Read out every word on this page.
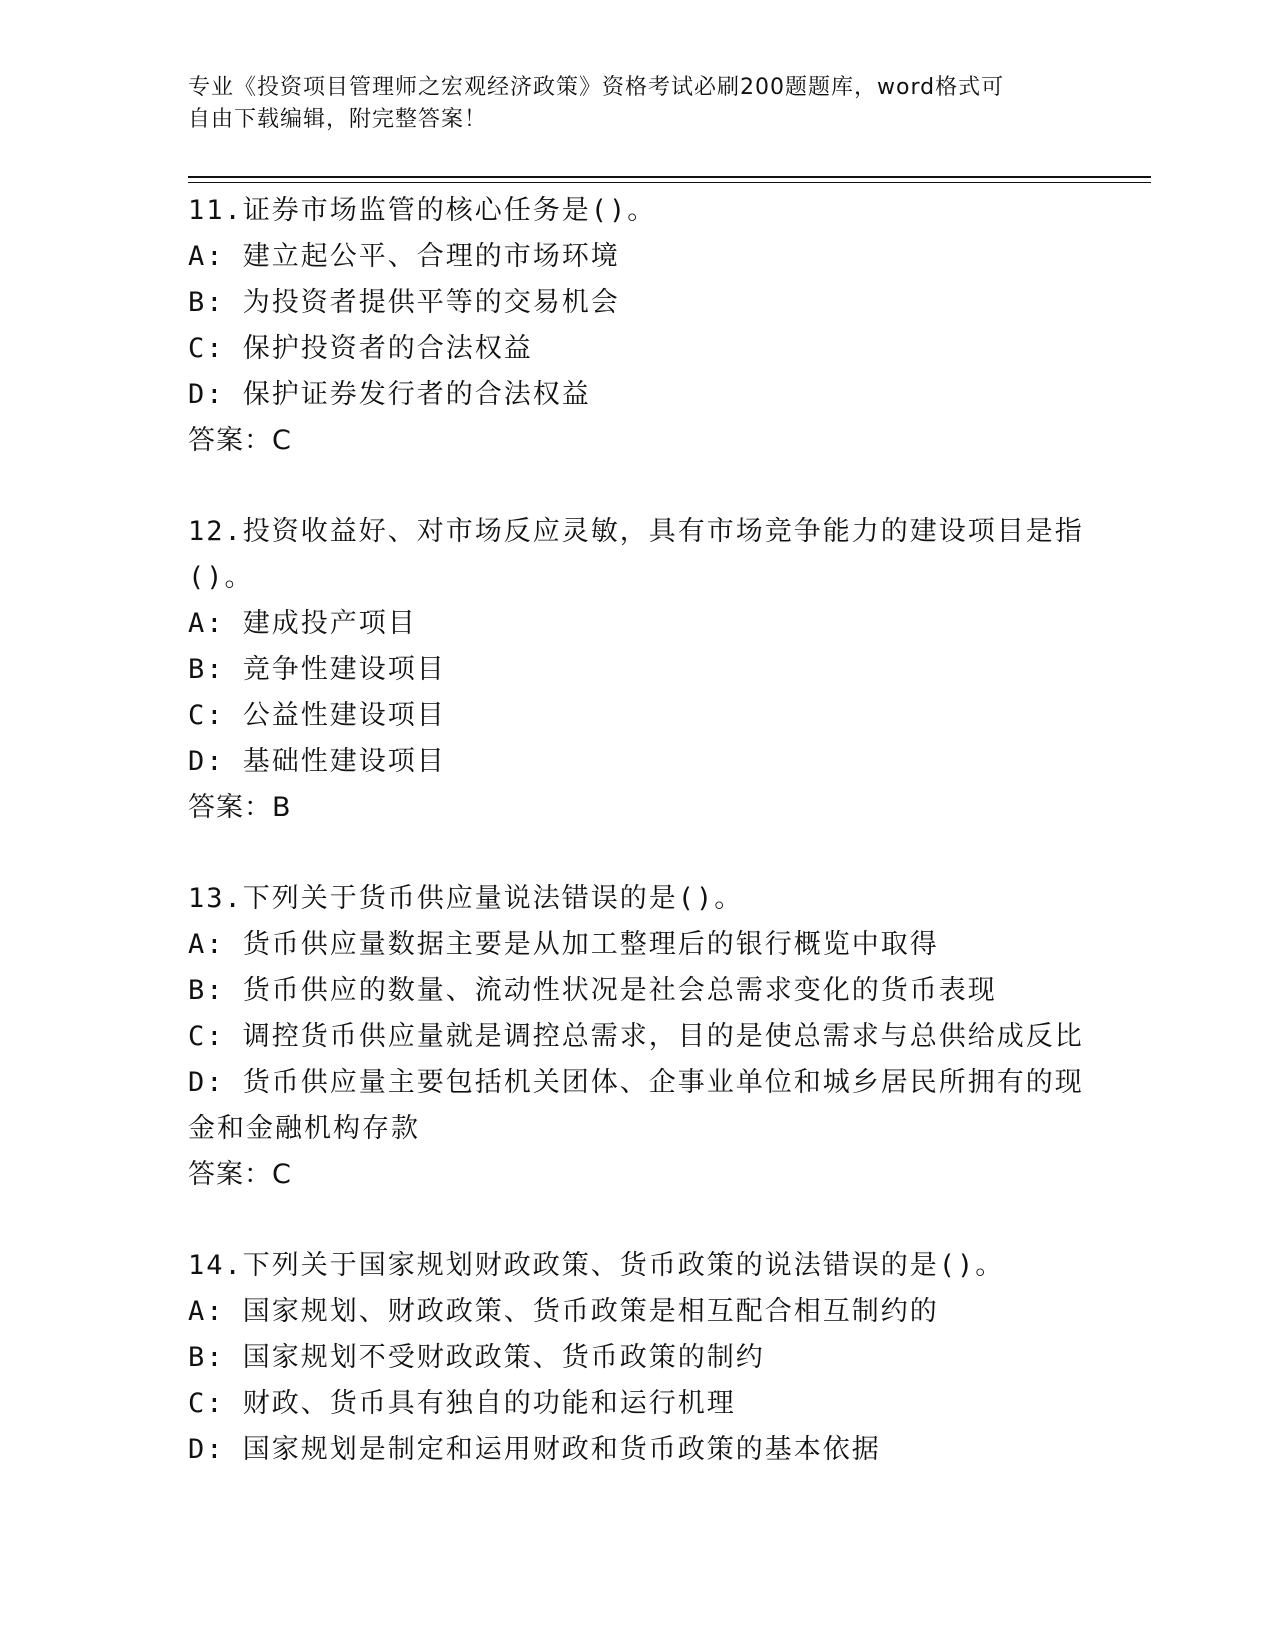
专业《投资项目管理师之宏观经济政策》资格考试必刷200题题库，word格式可
自由下载编辑，附完整答案！
11.证券市场监管的核心任务是()。
A: 建立起公平、合理的市场环境
B: 为投资者提供平等的交易机会
C: 保护投资者的合法权益
D: 保护证券发行者的合法权益
答案：C
12.投资收益好、对市场反应灵敏，具有市场竞争能力的建设项目是指()。
A: 建成投产项目
B: 竞争性建设项目
C: 公益性建设项目
D: 基础性建设项目
答案：B
13.下列关于货币供应量说法错误的是()。
A: 货币供应量数据主要是从加工整理后的银行概览中取得
B: 货币供应的数量、流动性状况是社会总需求变化的货币表现
C: 调控货币供应量就是调控总需求，目的是使总需求与总供给成反比
D: 货币供应量主要包括机关团体、企事业单位和城乡居民所拥有的现金和金融机构存款
答案：C
14.下列关于国家规划财政政策、货币政策的说法错误的是()。
A: 国家规划、财政政策、货币政策是相互配合相互制约的
B: 国家规划不受财政政策、货币政策的制约
C: 财政、货币具有独自的功能和运行机理
D: 国家规划是制定和运用财政和货币政策的基本依据
